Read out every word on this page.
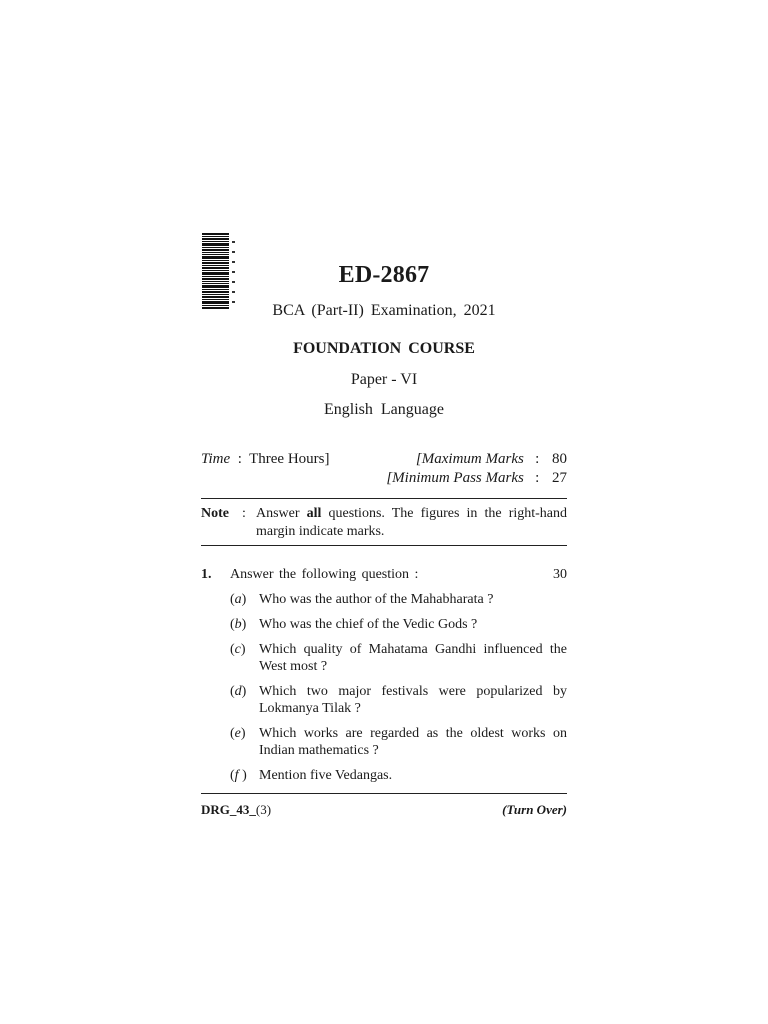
ED-2867
BCA (Part-II) Examination, 2021
FOUNDATION COURSE
Paper - VI
English Language
Time  :  Three Hours]	[Maximum Marks   : 80
[Minimum Pass Marks   : 27
Note : Answer all questions. The figures in the right-hand margin indicate marks.
1. Answer the following question :	30
(a) Who was the author of the Mahabharata ?
(b) Who was the chief of the Vedic Gods ?
(c) Which quality of Mahatama Gandhi influenced the West most ?
(d) Which two major festivals were popularized by Lokmanya Tilak ?
(e) Which works are regarded as the oldest works on Indian mathematics ?
(f ) Mention five Vedangas.
DRG_43_(3)	(Turn Over)
